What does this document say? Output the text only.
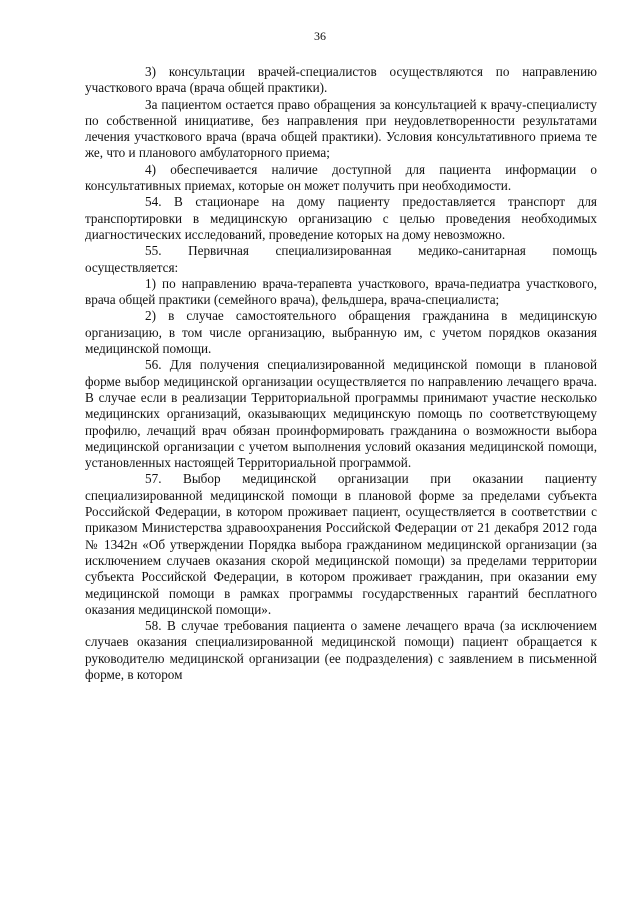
36

3) консультации врачей-специалистов осуществляются по направлению участкового врача (врача общей практики).

За пациентом остается право обращения за консультацией к врачу-специалисту по собственной инициативе, без направления при неудовлетворенности результатами лечения участкового врача (врача общей практики). Условия консультативного приема те же, что и планового амбулаторного приема;

4) обеспечивается наличие доступной для пациента информации о консультативных приемах, которые он может получить при необходимости.

54. В стационаре на дому пациенту предоставляется транспорт для транспортировки в медицинскую организацию с целью проведения необходимых диагностических исследований, проведение которых на дому невозможно.

55. Первичная специализированная медико-санитарная помощь осуществляется:

1) по направлению врача-терапевта участкового, врача-педиатра участкового, врача общей практики (семейного врача), фельдшера, врача-специалиста;

2) в случае самостоятельного обращения гражданина в медицинскую организацию, в том числе организацию, выбранную им, с учетом порядков оказания медицинской помощи.

56. Для получения специализированной медицинской помощи в плановой форме выбор медицинской организации осуществляется по направлению лечащего врача. В случае если в реализации Территориальной программы принимают участие несколько медицинских организаций, оказывающих медицинскую помощь по соответствующему профилю, лечащий врач обязан проинформировать гражданина о возможности выбора медицинской организации с учетом выполнения условий оказания медицинской помощи, установленных настоящей Территориальной программой.

57. Выбор медицинской организации при оказании пациенту специализированной медицинской помощи в плановой форме за пределами субъекта Российской Федерации, в котором проживает пациент, осуществляется в соответствии с приказом Министерства здравоохранения Российской Федерации от 21 декабря 2012 года № 1342н «Об утверждении Порядка выбора гражданином медицинской организации (за исключением случаев оказания скорой медицинской помощи) за пределами территории субъекта Российской Федерации, в котором проживает гражданин, при оказании ему медицинской помощи в рамках программы государственных гарантий бесплатного оказания медицинской помощи».

58. В случае требования пациента о замене лечащего врача (за исключением случаев оказания специализированной медицинской помощи) пациент обращается к руководителю медицинской организации (ее подразделения) с заявлением в письменной форме, в котором
